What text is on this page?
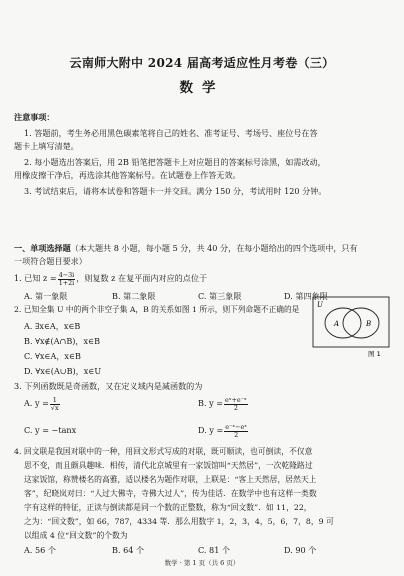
云南师大附中 2024 届高考适应性月考卷（三）
数学
注意事项：
1. 答题前，考生务必用黑色碳素笔将自己的姓名、准考证号、考场号、座位号在答
题卡上填写清楚。
2. 每小题选出答案后，用 2B 铅笔把答题卡上对应题目的答案标号涂黑，如需改动，
用橡皮擦干净后，再选涂其他答案标号。在试题卷上作答无效。
3. 考试结束后，请将本试卷和答题卡一并交回。满分 150 分，考试用时 120 分钟。
一、单项选择题（本大题共 8 小题，每小题 5 分，共 40 分，在每小题给出的四个选项中，只有
一项符合题目要求）
1. 已知 $z = \frac{4-3i}{1+2i}$ ，则复数 z 在复平面内对应的点位于
A. 第一象限	B. 第二象限	C. 第三象限	D. 第四象限
2. 已知全集 U 中的两个非空子集 A，B 的关系如图 1 所示，则下列命题不正确的是
A. ∃x∈A，x∈B
B. ∀x∉(A∩B)，x∈B
C. ∀x∈A，x∈B
D. ∀x∈(A∪B)，x∈U
U
A	B
图 1
3. 下列函数既是奇函数，又在定义域内是减函数的为
A. $y = \frac{1}{√x}$	B. $y = \frac{\text{eˣ+e⁻ˣ}}{2}$
C. y = −tanx	D. $y = \frac{\text{e⁻ˣ−eˣ}}{2}$
4. 回文联是我国对联中的一种，用回文形式写成的对联，既可顺读，也可倒读，不仅意
思不变，而且颇具趣味．相传，清代北京城里有一家饭馆叫“天然居”，一次乾隆路过
这家饭馆，称赞楼名的高雅，适以楼名为题作对联，上联是：“客上天然居，居然天上
客”，纪晓岚对曰：“人过大佛寺，寺佛大过人”，传为佳话．在数学中也有这样一类数
字有这样的特征，正读与倒读都是同一个数的正整数，称为“回文数”．如 11，22，
之为：“回文数”，如 66，787，4334 等．那么用数字 1，2，3，4，5，6，7，8，9 可
以组成 4 位“回文数”的个数为
A. 56 个	B. 64 个	C. 81 个	D. 90 个
数学 · 第 1 页（共 6 页）
